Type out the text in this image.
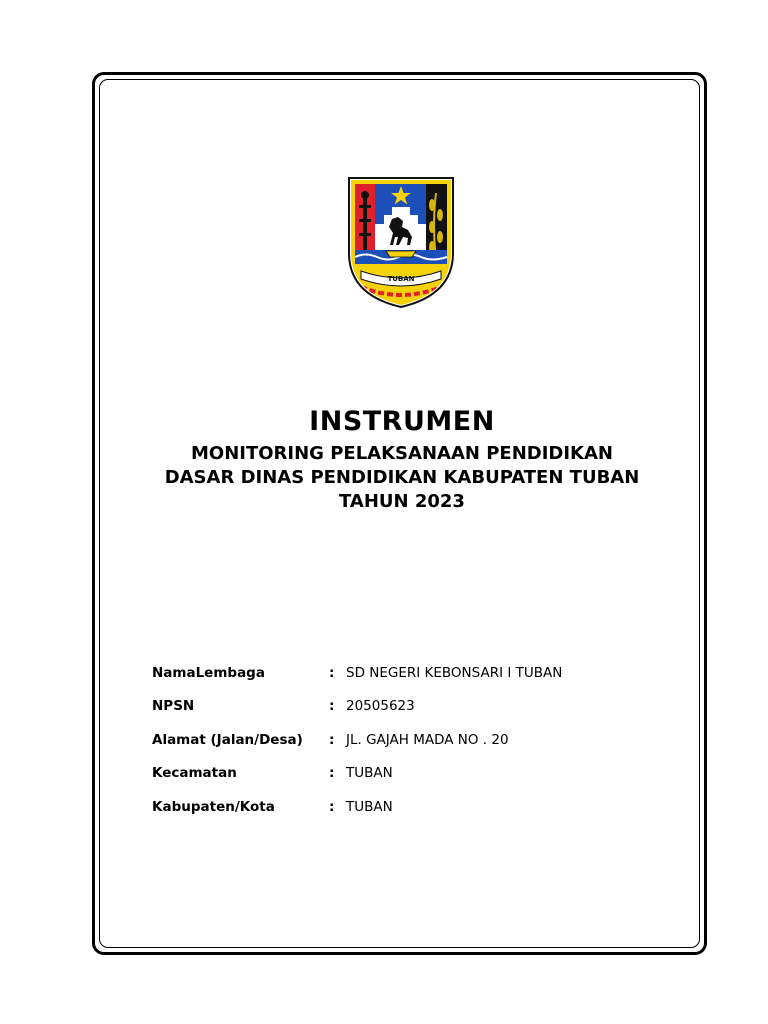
TUBAN
INSTRUMEN
MONITORING PELAKSANAAN PENDIDIKAN DASAR DINAS PENDIDIKAN KABUPATEN TUBAN
TAHUN 2023
NamaLembaga	:	SD NEGERI KEBONSARI I TUBAN
NPSN	:	20505623
Alamat (Jalan/Desa)	:	JL. GAJAH MADA NO . 20
Kecamatan	:	TUBAN
Kabupaten/Kota	:	TUBAN
